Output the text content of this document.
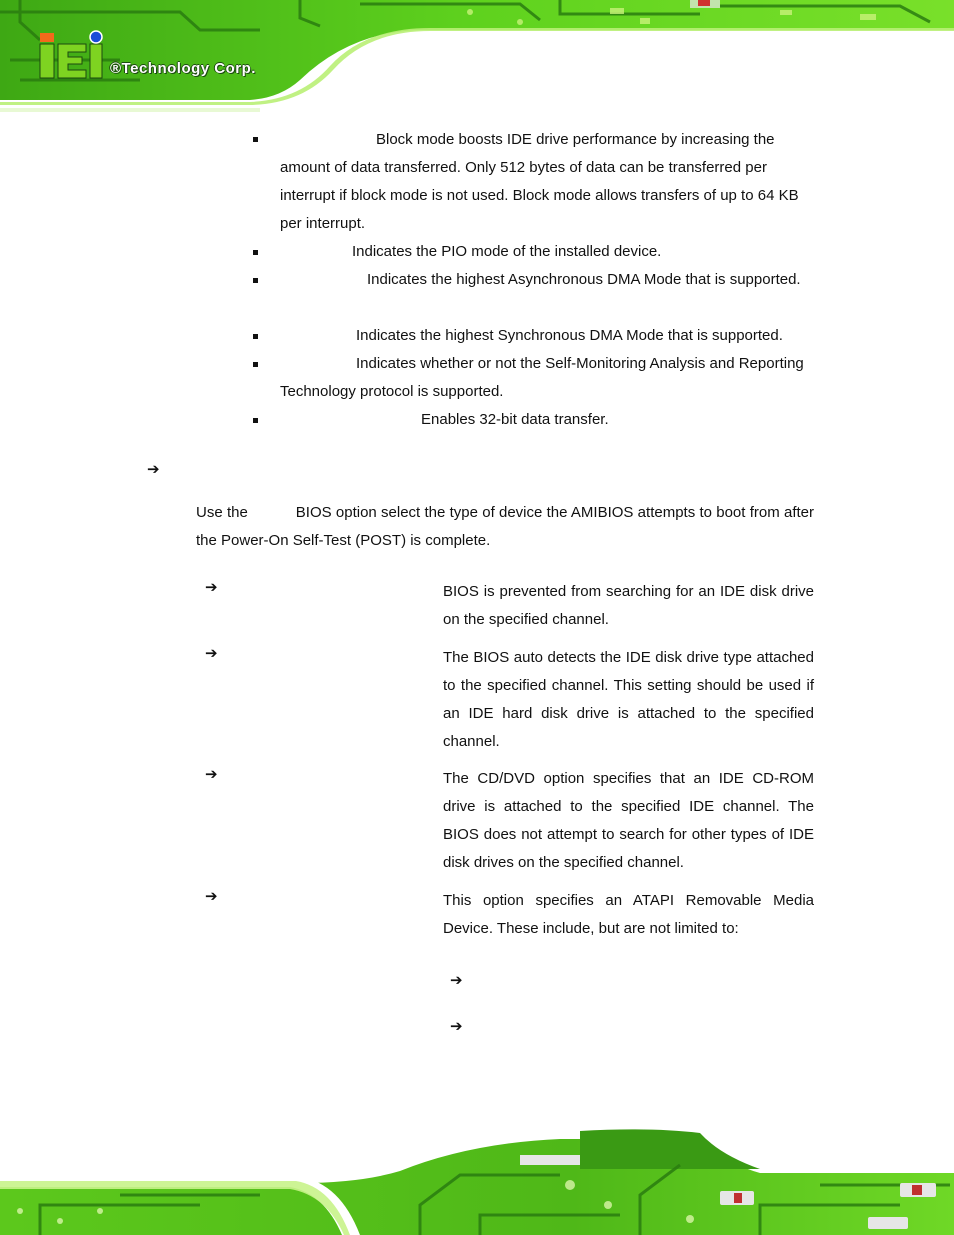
®Technology Corp.
Block mode boosts IDE drive performance by increasing the amount of data transferred. Only 512 bytes of data can be transferred per interrupt if block mode is not used. Block mode allows transfers of up to 64 KB per interrupt.
Indicates the PIO mode of the installed device.
Indicates the highest Asynchronous DMA Mode that is supported.
Indicates the highest Synchronous DMA Mode that is supported.
Indicates whether or not the Self-Monitoring Analysis and Reporting Technology protocol is supported.
Enables 32-bit data transfer.
➔
Use the	BIOS option select the type of device the AMIBIOS attempts to boot from after the Power-On Self-Test (POST) is complete.
➔	BIOS is prevented from searching for an IDE disk drive on the specified channel.
➔	The BIOS auto detects the IDE disk drive type attached to the specified channel. This setting should be used if an IDE hard disk drive is attached to the specified channel.
➔	The CD/DVD option specifies that an IDE CD-ROM drive is attached to the specified IDE channel. The BIOS does not attempt to search for other types of IDE disk drives on the specified channel.
➔	This option specifies an ATAPI Removable Media Device. These include, but are not limited to:
➔
➔
